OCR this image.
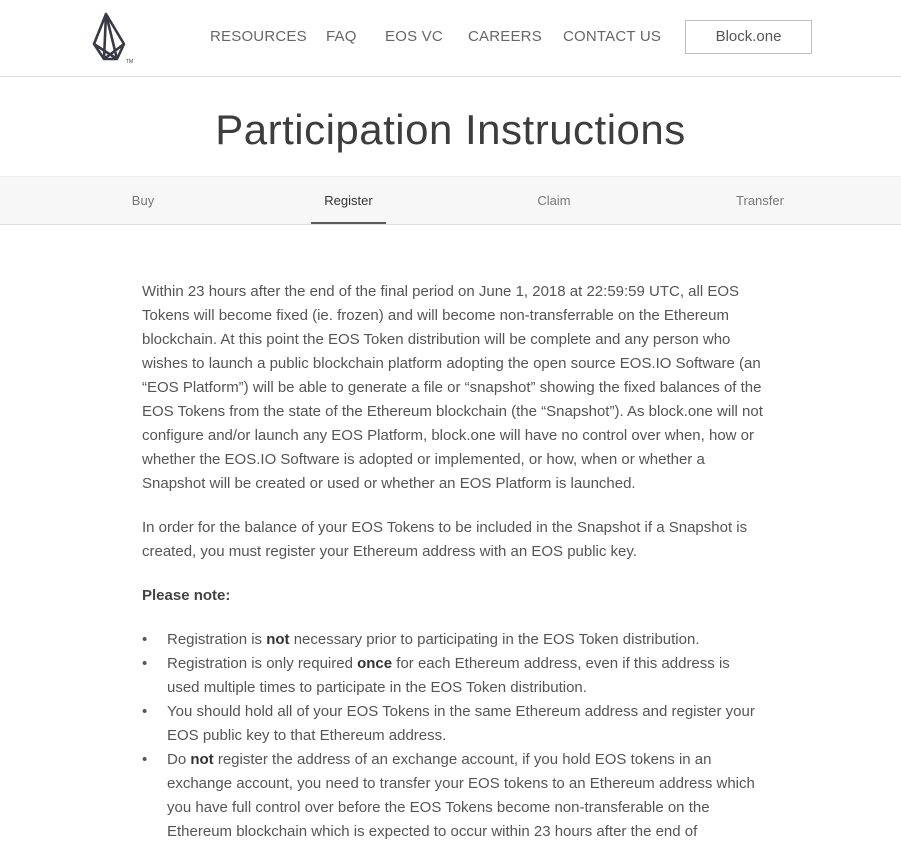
TM
RESOURCES FAQ EOS VC CAREERS CONTACT US	Block.one
Participation Instructions
Buy	Register	Claim	Transfer

Within 23 hours after the end of the final period on June 1, 2018 at 22:59:59 UTC, all EOS Tokens will become fixed (ie. frozen) and will become non-transferrable on the Ethereum blockchain. At this point the EOS Token distribution will be complete and any person who wishes to launch a public blockchain platform adopting the open source EOS.IO Software (an “EOS Platform”) will be able to generate a file or “snapshot” showing the fixed balances of the EOS Tokens from the state of the Ethereum blockchain (the “Snapshot”). As block.one will not configure and/or launch any EOS Platform, block.one will have no control over when, how or whether the EOS.IO Software is adopted or implemented, or how, when or whether a Snapshot will be created or used or whether an EOS Platform is launched.

In order for the balance of your EOS Tokens to be included in the Snapshot if a Snapshot is created, you must register your Ethereum address with an EOS public key.

Please note:

• Registration is not necessary prior to participating in the EOS Token distribution.
• Registration is only required once for each Ethereum address, even if this address is used multiple times to participate in the EOS Token distribution.
• You should hold all of your EOS Tokens in the same Ethereum address and register your EOS public key to that Ethereum address.
• Do not register the address of an exchange account, if you hold EOS tokens in an exchange account, you need to transfer your EOS tokens to an Ethereum address which you have full control over before the EOS Tokens become non-transferable on the Ethereum blockchain which is expected to occur within 23 hours after the end of
